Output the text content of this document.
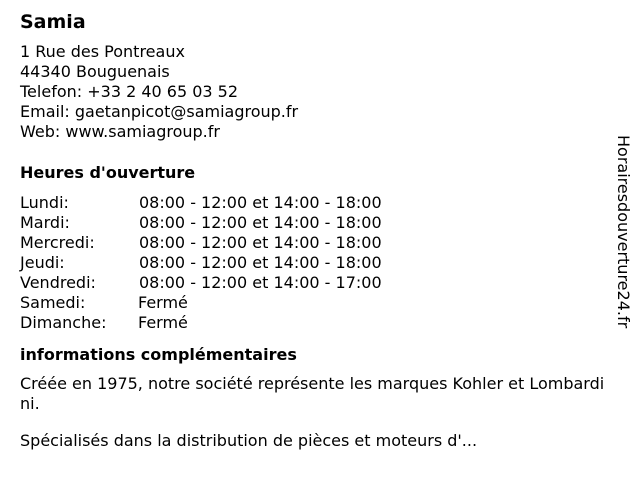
Samia
1 Rue des Pontreaux
44340 Bouguenais
Telefon: +33 2 40 65 03 52
Email: gaetanpicot@samiagroup.fr
Web: www.samiagroup.fr
Heures d'ouverture
Lundi:	08:00 - 12:00 et 14:00 - 18:00
Mardi:	08:00 - 12:00 et 14:00 - 18:00
Mercredi:	08:00 - 12:00 et 14:00 - 18:00
Jeudi:	08:00 - 12:00 et 14:00 - 18:00
Vendredi:	08:00 - 12:00 et 14:00 - 17:00
Samedi:	Fermé
Dimanche:	Fermé
informations complémentaires

Créée en 1975, notre société représente les marques Kohler et Lombardini.

Spécialisés dans la distribution de pièces et moteurs d'...

Horairesdouverture24.fr
